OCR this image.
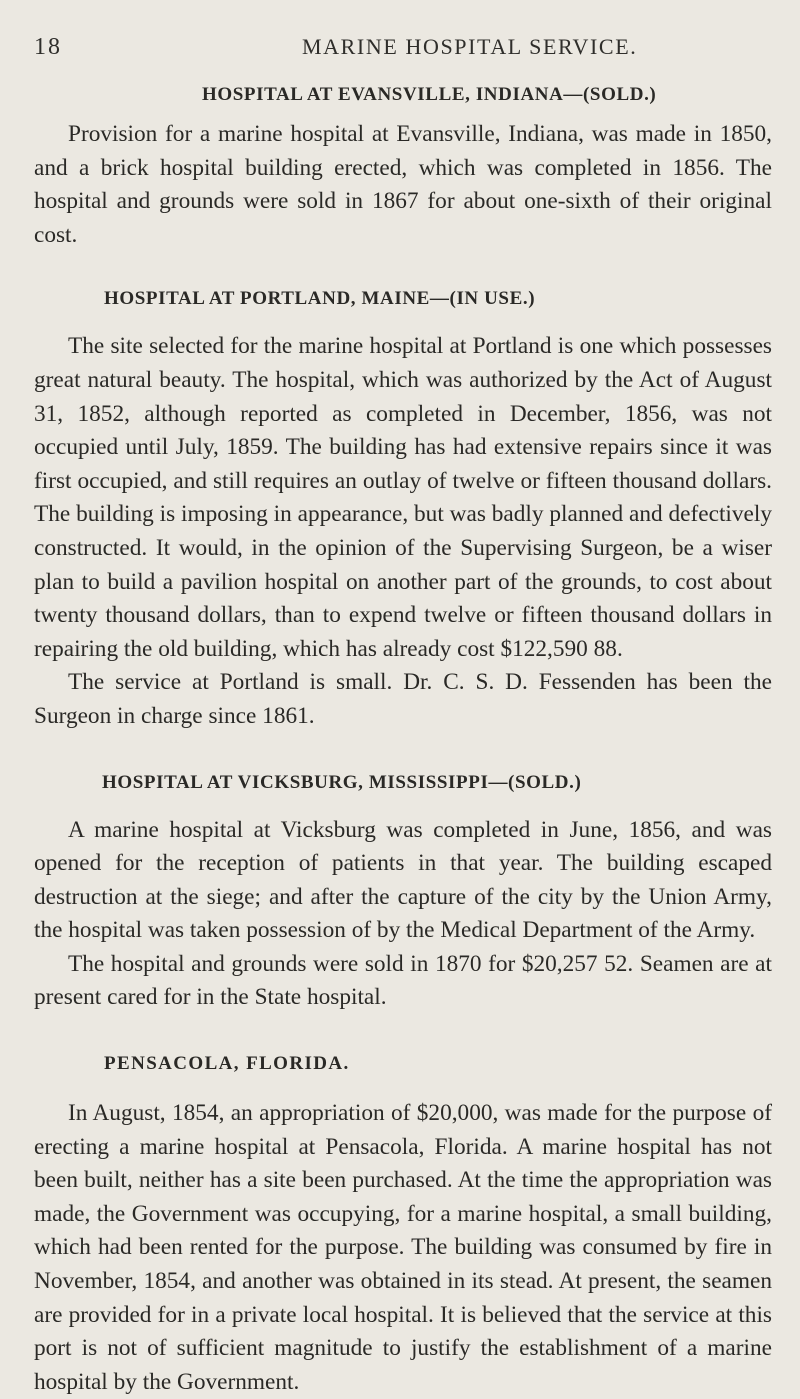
18	MARINE HOSPITAL SERVICE.
HOSPITAL AT EVANSVILLE, INDIANA—(SOLD.)

Provision for a marine hospital at Evansville, Indiana, was made in 1850, and a brick hospital building erected, which was completed in 1856. The hospital and grounds were sold in 1867 for about one-sixth of their original cost.

HOSPITAL AT PORTLAND, MAINE—(IN USE.)

The site selected for the marine hospital at Portland is one which possesses great natural beauty. The hospital, which was authorized by the Act of August 31, 1852, although reported as completed in December, 1856, was not occupied until July, 1859. The building has had extensive repairs since it was first occupied, and still requires an outlay of twelve or fifteen thousand dollars. The building is imposing in appearance, but was badly planned and defectively constructed. It would, in the opinion of the Supervising Surgeon, be a wiser plan to build a pavilion hospital on another part of the grounds, to cost about twenty thousand dollars, than to expend twelve or fifteen thousand dollars in repairing the old building, which has already cost $122,590 88.

The service at Portland is small. Dr. C. S. D. Fessenden has been the Surgeon in charge since 1861.

HOSPITAL AT VICKSBURG, MISSISSIPPI—(SOLD.)

A marine hospital at Vicksburg was completed in June, 1856, and was opened for the reception of patients in that year. The building escaped destruction at the siege; and after the capture of the city by the Union Army, the hospital was taken possession of by the Medical Department of the Army.

The hospital and grounds were sold in 1870 for $20,257 52. Seamen are at present cared for in the State hospital.

PENSACOLA, FLORIDA.

In August, 1854, an appropriation of $20,000, was made for the purpose of erecting a marine hospital at Pensacola, Florida. A marine hospital has not been built, neither has a site been purchased. At the time the appropriation was made, the Government was occupying, for a marine hospital, a small building, which had been rented for the purpose. The building was consumed by fire in November, 1854, and another was obtained in its stead. At present, the seamen are provided for in a private local hospital. It is believed that the service at this port is not of sufficient magnitude to justify the establishment of a marine hospital by the Government.
